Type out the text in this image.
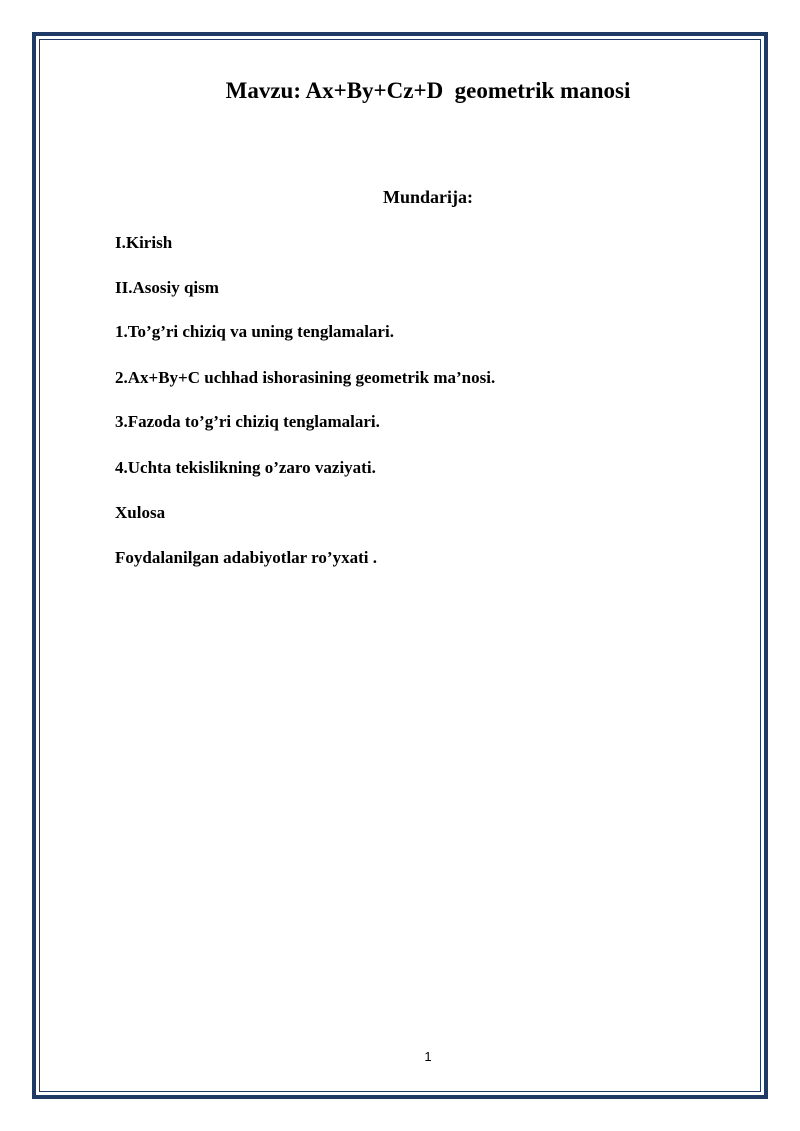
Mavzu: Ax+By+Cz+D  geometrik manosi
Mundarija:
I.Kirish
II.Asosiy qism
1.To’g’ri chiziq va uning tenglamalari.
2.Ax+By+C uchhad ishorasining geometrik ma’nosi.
3.Fazoda to’g’ri chiziq tenglamalari.
4.Uchta tekislikning o’zaro vaziyati.
Xulosa
Foydalanilgan adabiyotlar ro’yxati .
1
